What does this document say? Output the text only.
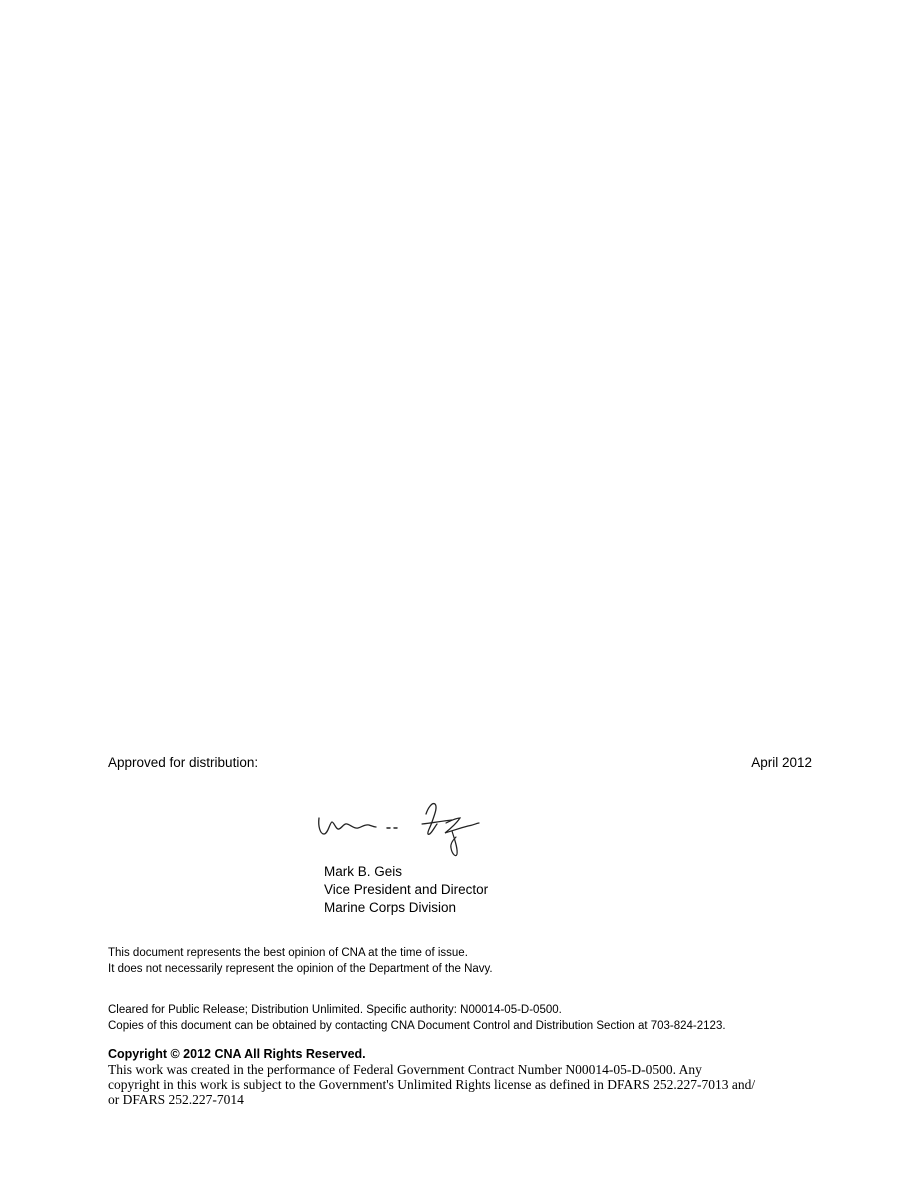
Approved for distribution:	April 2012
Mark B. Geis
Vice President and Director
Marine Corps Division
This document represents the best opinion of CNA at the time of issue.
It does not necessarily represent the opinion of the Department of the Navy.
Cleared for Public Release; Distribution Unlimited. Specific authority: N00014-05-D-0500.
Copies of this document can be obtained by contacting CNA Document Control and Distribution Section at 703-824-2123.
Copyright © 2012 CNA All Rights Reserved.
This work was created in the performance of Federal Government Contract Number N00014-05-D-0500. Any
copyright in this work is subject to the Government's Unlimited Rights license as defined in DFARS 252.227-7013 and/
or DFARS 252.227-7014
